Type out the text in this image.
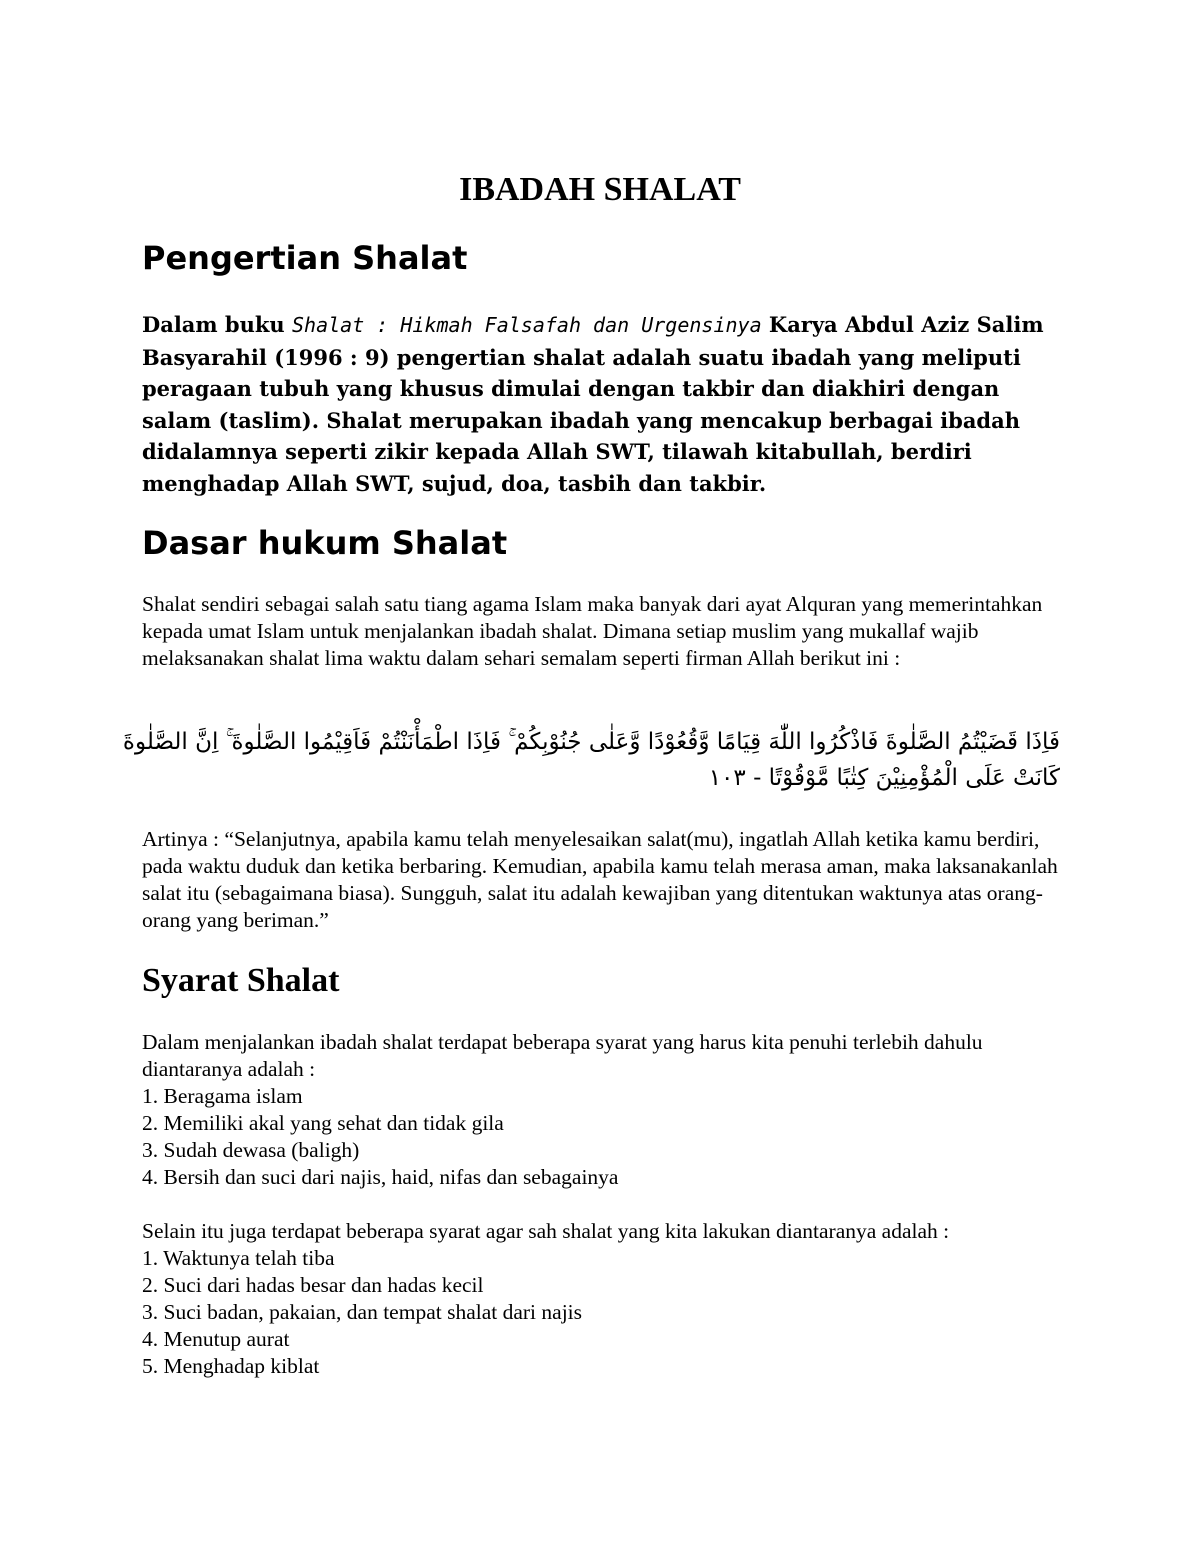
IBADAH SHALAT
Pengertian Shalat

Dalam buku Shalat : Hikmah Falsafah dan Urgensinya Karya Abdul Aziz Salim Basyarahil (1996 : 9) pengertian shalat adalah suatu ibadah yang meliputi peragaan tubuh yang khusus dimulai dengan takbir dan diakhiri dengan salam (taslim). Shalat merupakan ibadah yang mencakup berbagai ibadah didalamnya seperti zikir kepada Allah SWT, tilawah kitabullah, berdiri menghadap Allah SWT, sujud, doa, tasbih dan takbir.

Dasar hukum Shalat

Shalat sendiri sebagai salah satu tiang agama Islam maka banyak dari ayat Alquran yang memerintahkan kepada umat Islam untuk menjalankan ibadah shalat. Dimana setiap muslim yang mukallaf wajib melaksanakan shalat lima waktu dalam sehari semalam seperti firman Allah berikut ini :

فَاِذَا قَضَيْتُمُ الصَّلٰوةَ فَاذْكُرُوا اللّٰهَ قِيَامًا وَّقُعُوْدًا وَّعَلٰى جُنُوْبِكُمْ ۚ فَاِذَا اطْمَأْنَنْتُمْ فَاَقِيْمُوا الصَّلٰوةَ ۚ اِنَّ الصَّلٰوةَ كَانَتْ عَلَى الْمُؤْمِنِيْنَ كِتٰبًا مَّوْقُوْتًا - ١٠٣

Artinya : “Selanjutnya, apabila kamu telah menyelesaikan salat(mu), ingatlah Allah ketika kamu berdiri, pada waktu duduk dan ketika berbaring. Kemudian, apabila kamu telah merasa aman, maka laksanakanlah salat itu (sebagaimana biasa). Sungguh, salat itu adalah kewajiban yang ditentukan waktunya atas orang-orang yang beriman.”

Syarat Shalat

Dalam menjalankan ibadah shalat terdapat beberapa syarat yang harus kita penuhi terlebih dahulu diantaranya adalah :

1. Beragama islam
2. Memiliki akal yang sehat dan tidak gila
3. Sudah dewasa (baligh)
4. Bersih dan suci dari najis, haid, nifas dan sebagainya

Selain itu juga terdapat beberapa syarat agar sah shalat yang kita lakukan diantaranya adalah :

1. Waktunya telah tiba
2. Suci dari hadas besar dan hadas kecil
3. Suci badan, pakaian, dan tempat shalat dari najis
4. Menutup aurat
5. Menghadap kiblat
